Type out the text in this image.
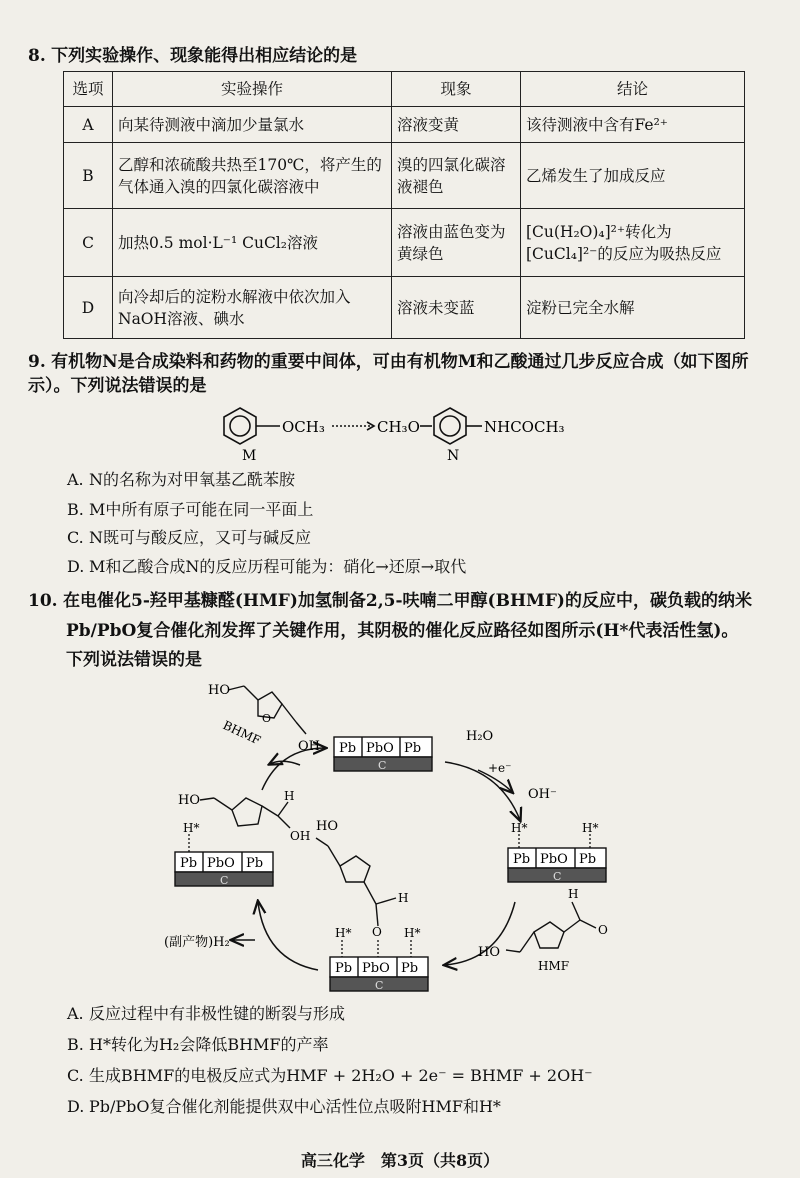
8. 下列实验操作、现象能得出相应结论的是
选项	实验操作	现象	结论
A	向某待测液中滴加少量氯水	溶液变黄	该待测液中含有Fe²⁺
B	乙醇和浓硫酸共热至170℃，将产生的气体通入溴的四氯化碳溶液中	溴的四氯化碳溶液褪色	乙烯发生了加成反应
C	加热0.5 mol·L⁻¹ CuCl₂溶液	溶液由蓝色变为黄绿色	[Cu(H₂O)₄]²⁺转化为[CuCl₄]²⁻的反应为吸热反应
D	向冷却后的淀粉水解液中依次加入NaOH溶液、碘水	溶液未变蓝	淀粉已完全水解
9. 有机物N是合成染料和药物的重要中间体，可由有机物M和乙酸通过几步反应合成（如下图所示）。下列说法错误的是
OCH₃	CH₃O	NHCOCH₃
M	N
A. N的名称为对甲氧基乙酰苯胺
B. M中所有原子可能在同一平面上
C. N既可与酸反应，又可与碱反应
D. M和乙酸合成N的反应历程可能为：硝化→还原→取代
10. 在电催化5-羟甲基糠醛(HMF)加氢制备2,5-呋喃二甲醇(BHMF)的反应中，碳负载的纳米
Pb/PbO复合催化剂发挥了关键作用，其阴极的催化反应路径如图所示(H*代表活性氢)。
下列说法错误的是
Pb PbO Pb
C
Pb PbO Pb
C
Pb PbO Pb
C
Pb PbO Pb
C
H₂O
+e⁻
OH⁻
H*	H*
H*
H*	H*
HO
OH
BHMF O
HO	H
OH
HO
H
O
H
O
HO
HMF
(副产物)H₂
A. 反应过程中有非极性键的断裂与形成
B. H*转化为H₂会降低BHMF的产率
C. 生成BHMF的电极反应式为HMF + 2H₂O + 2e⁻ = BHMF + 2OH⁻
D. Pb/PbO复合催化剂能提供双中心活性位点吸附HMF和H*
高三化学　第3页（共8页）
